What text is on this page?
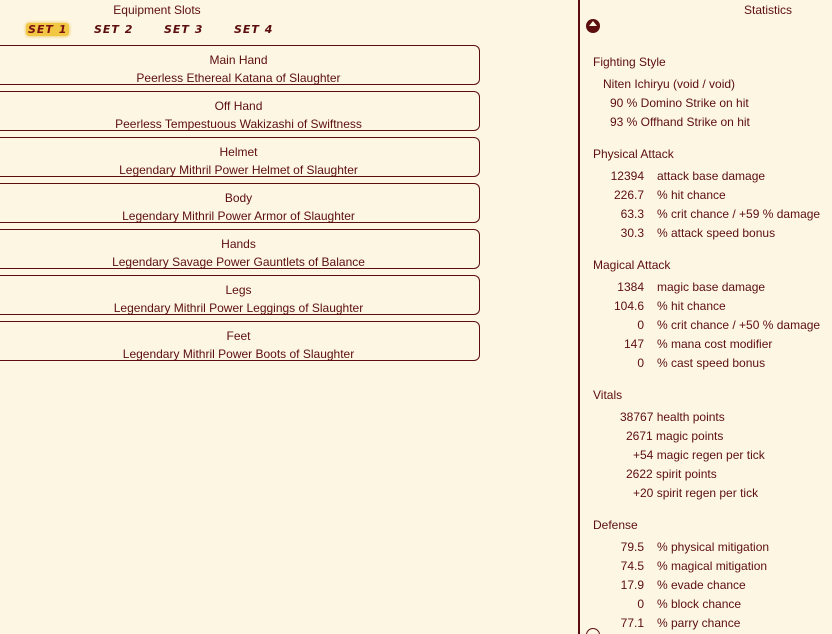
Equipment Slots
SET 1 SET 2	SET 3	SET 4
Main Hand
Peerless Ethereal Katana of Slaughter
Off Hand
Peerless Tempestuous Wakizashi of Swiftness
Helmet
Legendary Mithril Power Helmet of Slaughter
Body
Legendary Mithril Power Armor of Slaughter
Hands
Legendary Savage Power Gauntlets of Balance
Legs
Legendary Mithril Power Leggings of Slaughter
Feet
Legendary Mithril Power Boots of Slaughter
Statistics
Fighting Style
Niten Ichiryu (void / void)
90 % Domino Strike on hit
93 % Offhand Strike on hit
Physical Attack
12394 attack base damage
226.7 % hit chance
63.3 % crit chance / +59 % damage
30.3 % attack speed bonus
Magical Attack
1384 magic base damage
104.6 % hit chance
0 % crit chance / +50 % damage
147 % mana cost modifier
0 % cast speed bonus
Vitals
38767 health points
2671 magic points
+54 magic regen per tick
2622 spirit points
+20 spirit regen per tick
Defense
79.5 % physical mitigation
74.5 % magical mitigation
17.9 % evade chance
0 % block chance
77.1 % parry chance
